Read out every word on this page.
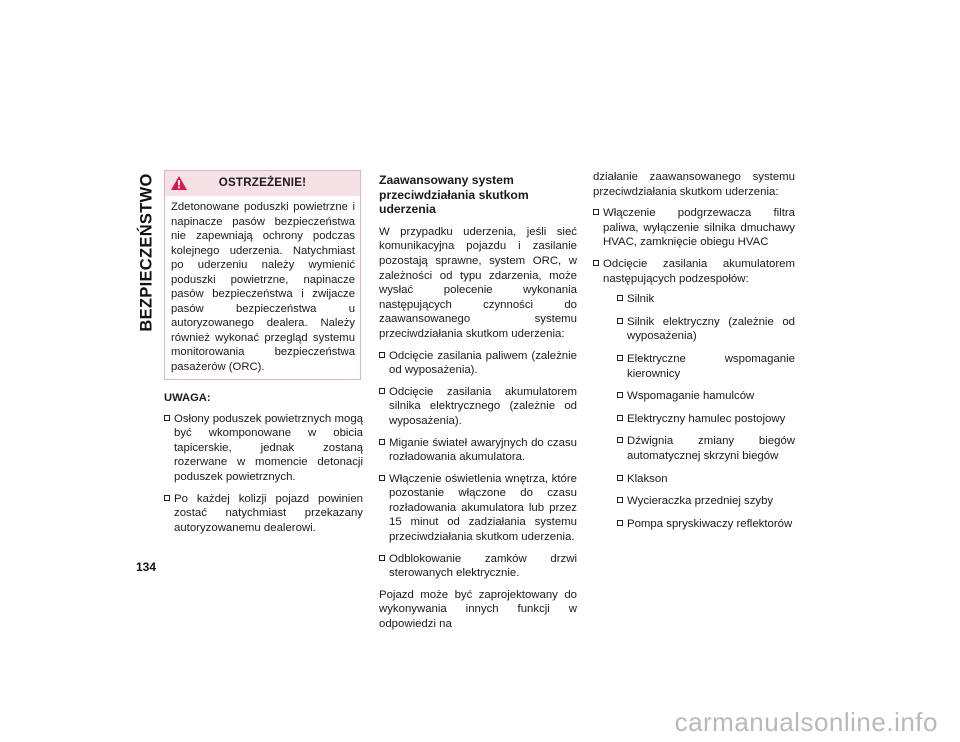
BEZPIECZEŃSTWO
134
OSTRZEŻENIE!
Zdetonowane poduszki powietrzne i napinacze pasów bezpieczeństwa nie zapewniają ochrony podczas kolejnego uderzenia. Natychmiast po uderzeniu należy wymienić poduszki powietrzne, napinacze pasów bezpieczeństwa i zwijacze pasów bezpieczeństwa u autoryzowanego dealera. Należy również wykonać przegląd systemu monitorowania bezpieczeństwa pasażerów (ORC).
UWAGA:
Osłony poduszek powietrznych mogą być wkomponowane w obicia tapicerskie, jednak zostaną rozerwane w momencie detonacji poduszek powietrznych.
Po każdej kolizji pojazd powinien zostać natychmiast przekazany autoryzowanemu dealerowi.
Zaawansowany system
przeciwdziałania skutkom uderzenia

W przypadku uderzenia, jeśli sieć komunikacyjna pojazdu i zasilanie pozostają sprawne, system ORC, w zależności od typu zdarzenia, może wysłać polecenie wykonania następujących czynności do zaawansowanego systemu przeciwdziałania skutkom uderzenia:

Odcięcie zasilania paliwem (zależnie od wyposażenia).
Odcięcie zasilania akumulatorem silnika elektrycznego (zależnie od wyposażenia).
Miganie świateł awaryjnych do czasu rozładowania akumulatora.
Włączenie oświetlenia wnętrza, które pozostanie włączone do czasu rozładowania akumulatora lub przez 15 minut od zadziałania systemu przeciwdziałania skutkom uderzenia.
Odblokowanie zamków drzwi sterowanych elektrycznie.

Pojazd może być zaprojektowany do wykonywania innych funkcji w odpowiedzi na

działanie zaawansowanego systemu przeciwdziałania skutkom uderzenia:

Włączenie podgrzewacza filtra paliwa, wyłączenie silnika dmuchawy HVAC, zamknięcie obiegu HVAC
Odcięcie zasilania akumulatorem następujących podzespołów:
Silnik
Silnik elektryczny (zależnie od wyposażenia)
Elektryczne wspomaganie kierownicy
Wspomaganie hamulców
Elektryczny hamulec postojowy
Dźwignia zmiany biegów automatycznej skrzyni biegów
Klakson
Wycieraczka przedniej szyby
Pompa spryskiwaczy reflektorów
carmanualsonline.info
